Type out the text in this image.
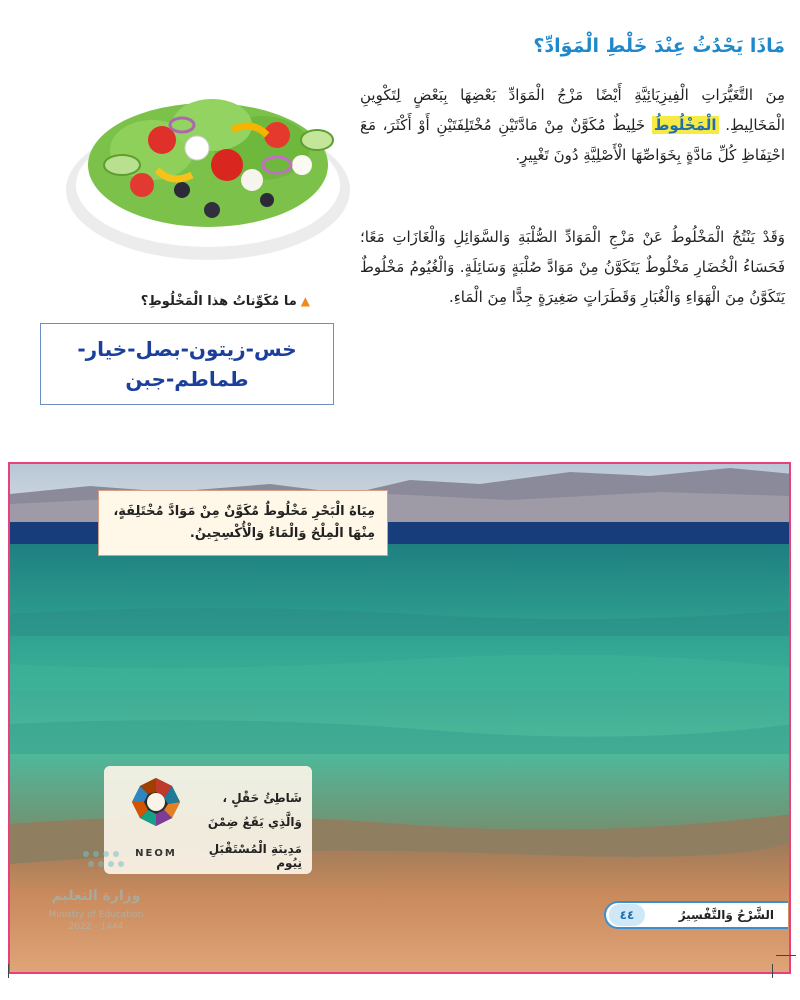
مَاذَا يَحْدُثُ عِنْدَ خَلْطِ الْمَوَادِّ؟
مِنَ التَّغَيُّرَاتِ الْفِيزِيَائِيَّةِ أَيْضًا مَزْجُ الْمَوَادِّ بَعْضِهَا بِبَعْضٍ لِتَكْوِينِ الْمَخَالِيطِ. الْمَخْلُوطُ خَلِيطٌ مُكَوَّنٌ مِنْ مَادَّتَيْنِ مُخْتَلِفَتَيْنِ أَوْ أَكْثَرَ، مَعَ احْتِفَاظِ كُلِّ مَادَّةٍ بِخَوَاصِّهَا الْأَصْلِيَّةِ دُونَ تَغْيِيرٍ.
وَقَدْ يَنْتُجُ الْمَخْلُوطُ عَنْ مَزْجِ الْمَوَادِّ الصُّلْبَةِ وَالسَّوَائِلِ وَالْغَازَاتِ مَعًا؛ فَحَسَاءُ الْخُضَارِ مَخْلُوطٌ يَتَكَوَّنُ مِنْ مَوَادَّ صُلْبَةٍ وَسَائِلَةٍ. وَالْغُيُومُ مَخْلُوطٌ يَتَكَوَّنُ مِنَ الْهَوَاءِ وَالْغُبَارِ وَقَطَرَاتٍ صَغِيرَةٍ جِدًّا مِنَ الْمَاءِ.
▲ما مُكَوِّناتُ هذا الْمَخْلُوطِ؟
خس-زيتون-بصل-خيار-
طماطم-جبن
مِيَاهُ الْبَحْرِ مَخْلُوطٌ مُكَوَّنٌ مِنْ مَوَادَّ مُخْتَلِفَةٍ،
مِنْهَا الْمِلْحُ وَالْمَاءُ وَالْأُكْسِجِينُ.
شَاطِئُ حَقْلٍ ،
وَالَّذِي يَقَعُ ضِمْنَ
مَدِينَةِ الْمُسْتَقْبَلِ نِيُوم
NEOM
وزارة التعليم
Ministry of Education
2022 - 1444
الشَّرْحُ وَالتَّفْسِيرُ
٤٤
